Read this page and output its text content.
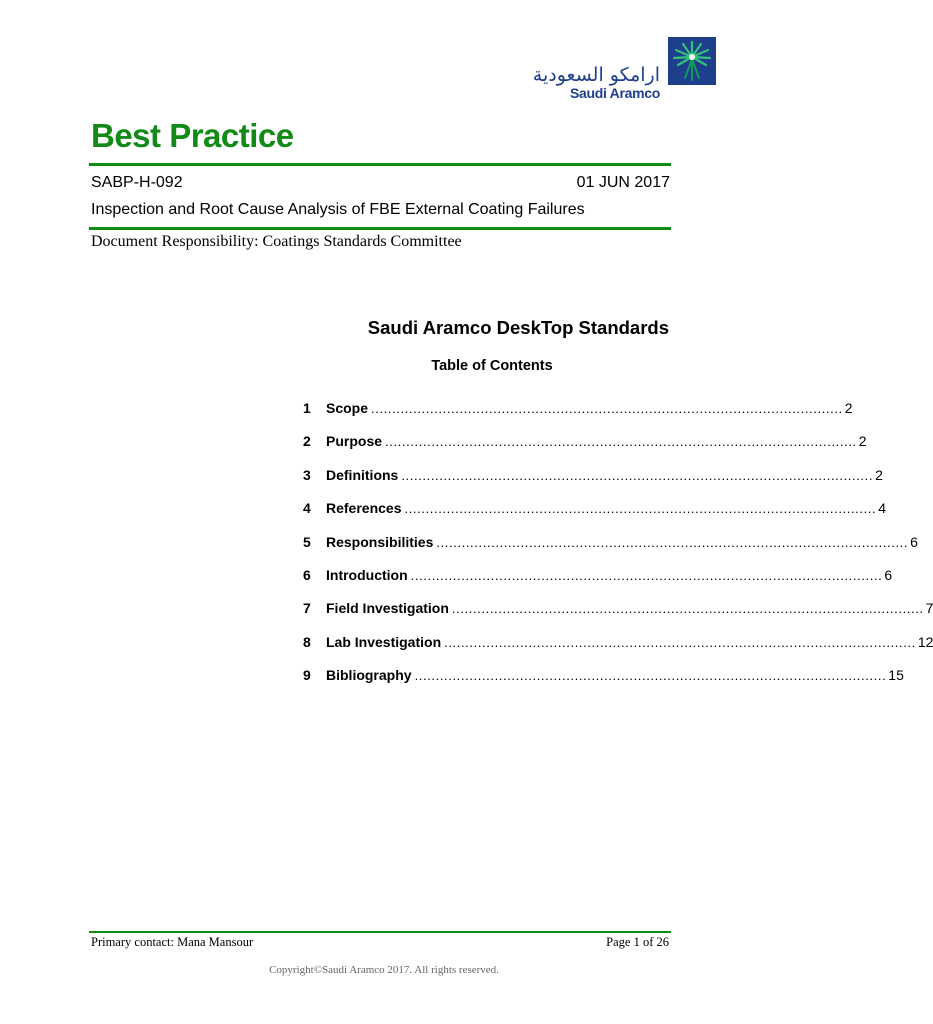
ارامكو السعودية
Saudi Aramco
Best Practice
SABP-H-092	01 JUN 2017
Inspection and Root Cause Analysis of FBE External Coating Failures
Document Responsibility: Coatings Standards Committee
Saudi Aramco DeskTop Standards
Table of Contents
1	Scope ................................................................................................................ 2
2	Purpose ................................................................................................................ 2
3	Definitions ................................................................................................................ 2
4	References ................................................................................................................ 4
5	Responsibilities ................................................................................................................ 6
6	Introduction ................................................................................................................ 6
7	Field Investigation ................................................................................................................ 7
8	Lab Investigation ................................................................................................................ 12
9	Bibliography ................................................................................................................ 15
Primary contact: Mana Mansour	Page 1 of 26
Copyright©Saudi Aramco 2017. All rights reserved.
